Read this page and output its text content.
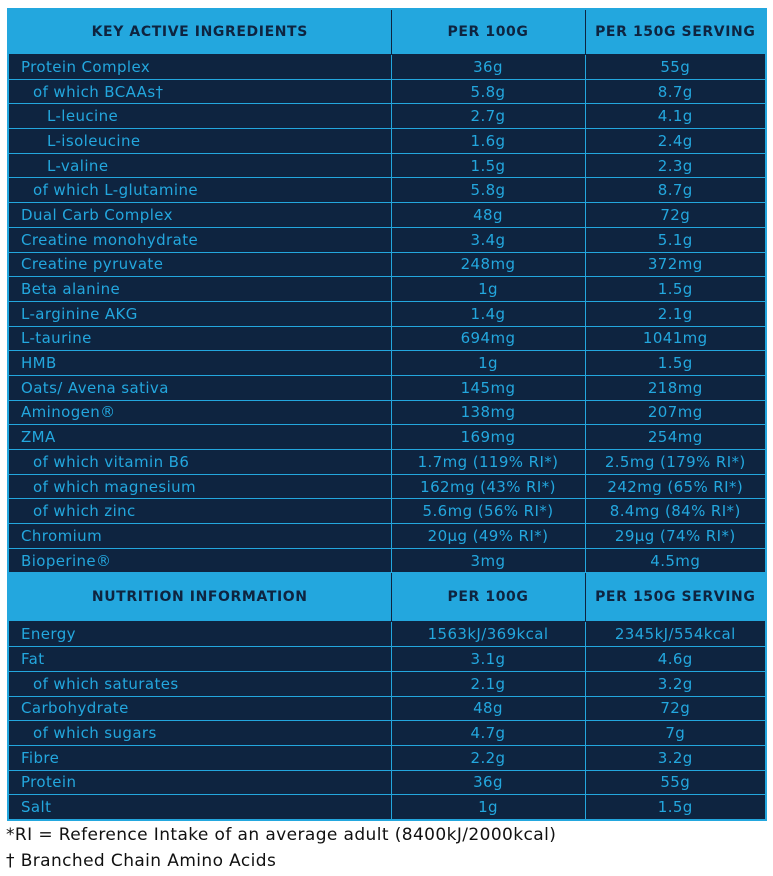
KEY ACTIVE INGREDIENTS	PER 100G	PER 150G SERVING
Protein Complex	36g	55g
of which BCAAs†	5.8g	8.7g
L-leucine	2.7g	4.1g
L-isoleucine	1.6g	2.4g
L-valine	1.5g	2.3g
of which L-glutamine	5.8g	8.7g
Dual Carb Complex	48g	72g
Creatine monohydrate	3.4g	5.1g
Creatine pyruvate	248mg	372mg
Beta alanine	1g	1.5g
L-arginine AKG	1.4g	2.1g
L-taurine	694mg	1041mg
HMB	1g	1.5g
Oats/ Avena sativa	145mg	218mg
Aminogen®	138mg	207mg
ZMA	169mg	254mg
of which vitamin B6	1.7mg (119% RI*)	2.5mg (179% RI*)
of which magnesium	162mg (43% RI*)	242mg (65% RI*)
of which zinc	5.6mg (56% RI*)	8.4mg (84% RI*)
Chromium	20µg (49% RI*)	29µg (74% RI*)
Bioperine®	3mg	4.5mg
NUTRITION INFORMATION	PER 100G	PER 150G SERVING
Energy	1563kJ/369kcal	2345kJ/554kcal
Fat	3.1g	4.6g
of which saturates	2.1g	3.2g
Carbohydrate	48g	72g
of which sugars	4.7g	7g
Fibre	2.2g	3.2g
Protein	36g	55g
Salt	1g	1.5g
*RI = Reference Intake of an average adult (8400kJ/2000kcal)
† Branched Chain Amino Acids
